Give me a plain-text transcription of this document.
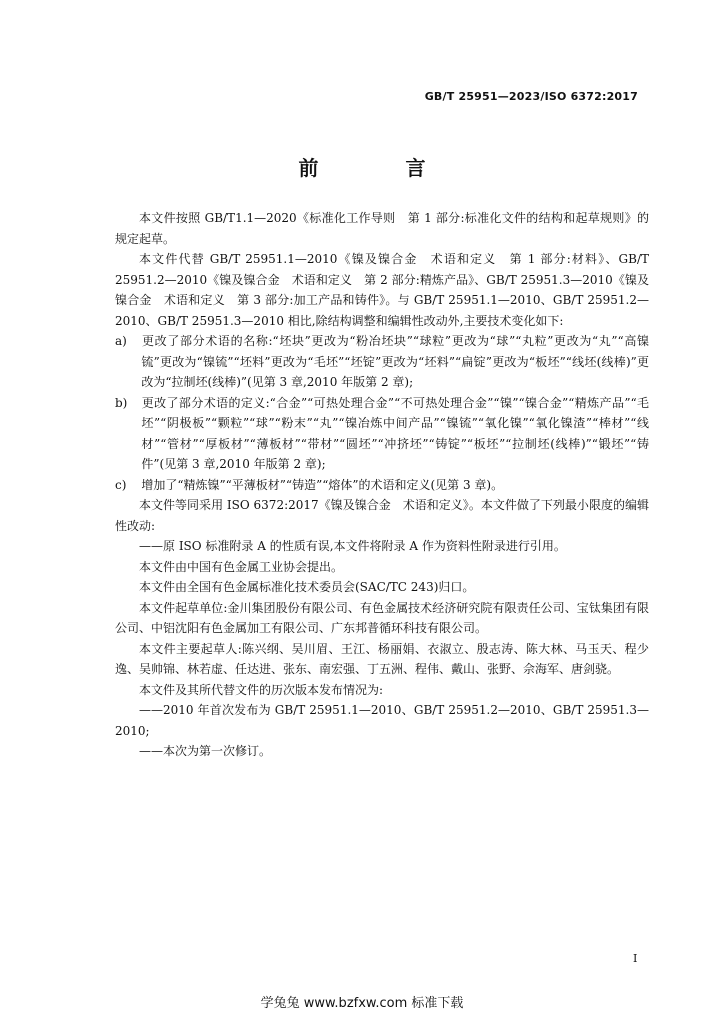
GB/T 25951—2023/ISO 6372:2017
前 言

本文件按照 GB/T1.1—2020《标准化工作导则　第 1 部分:标准化文件的结构和起草规则》的规定起草。

本文件代替 GB/T 25951.1—2010《镍及镍合金　术语和定义　第 1 部分:材料》、GB/T 25951.2—2010《镍及镍合金　术语和定义　第 2 部分:精炼产品》、GB/T 25951.3—2010《镍及镍合金　术语和定义　第 3 部分:加工产品和铸件》。与 GB/T 25951.1—2010、GB/T 25951.2—2010、GB/T 25951.3—2010 相比,除结构调整和编辑性改动外,主要技术变化如下:

a) 更改了部分术语的名称:“坯块”更改为“粉冶坯块”“球粒”更改为“球”“丸粒”更改为“丸”“高镍锍”更改为“镍锍”“坯料”更改为“毛坯”“坯锭”更改为“坯料”“扁锭”更改为“板坯”“线坯(线棒)”更改为“拉制坯(线棒)”(见第 3 章,2010 年版第 2 章);

b) 更改了部分术语的定义:“合金”“可热处理合金”“不可热处理合金”“镍”“镍合金”“精炼产品”“毛坯”“阴极板”“颗粒”“球”“粉末”“丸”“镍冶炼中间产品”“镍锍”“氧化镍”“氧化镍渣”“棒材”“线材”“管材”“厚板材”“薄板材”“带材”“圆坯”“冲挤坯”“铸锭”“板坯”“拉制坯(线棒)”“锻坯”“铸件”(见第 3 章,2010 年版第 2 章);

c) 增加了“精炼镍”“平薄板材”“铸造”“熔体”的术语和定义(见第 3 章)。

本文件等同采用 ISO 6372:2017《镍及镍合金　术语和定义》。本文件做了下列最小限度的编辑性改动:

——原 ISO 标准附录 A 的性质有误,本文件将附录 A 作为资料性附录进行引用。

本文件由中国有色金属工业协会提出。

本文件由全国有色金属标准化技术委员会(SAC/TC 243)归口。

本文件起草单位:金川集团股份有限公司、有色金属技术经济研究院有限责任公司、宝钛集团有限公司、中铝沈阳有色金属加工有限公司、广东邦普循环科技有限公司。

本文件主要起草人:陈兴纲、吴川眉、王江、杨丽娟、衣淑立、殷志涛、陈大林、马玉天、程少逸、吴帅锦、林若虚、任达进、张东、南宏强、丁五洲、程伟、戴山、张野、佘海军、唐剑骁。

本文件及其所代替文件的历次版本发布情况为:

——2010 年首次发布为 GB/T 25951.1—2010、GB/T 25951.2—2010、GB/T 25951.3—2010;

——本次为第一次修订。

I
学兔兔 www.bzfxw.com 标准下载
